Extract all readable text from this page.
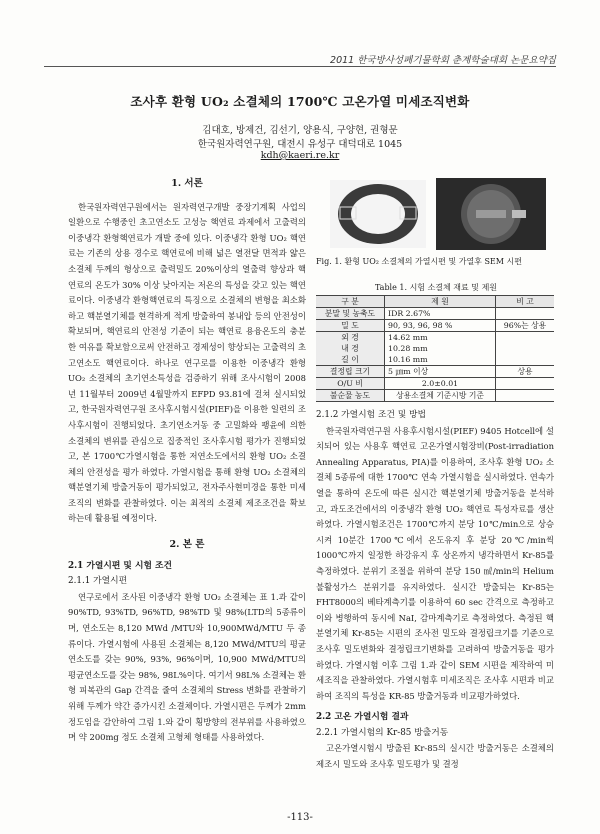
2011 한국방사성폐기물학회 춘계학술대회 논문요약집
조사후 환형 UO₂ 소결체의 1700℃ 고온가열 미세조직변화
김대호, 방제건, 김선기, 양용식, 구양현, 권형문
한국원자력연구원, 대전시 유성구 대덕대로 1045
kdh@kaeri.re.kr
1. 서론

한국원자력연구원에서는 원자력연구개발 중장기계획 사업의 일환으로 수행중인 초고연소도 고성능 핵연료 과제에서 고출력의 이중냉각 환형핵연료가 개발 중에 있다. 이중냉각 환형 UO₂ 핵연료는 기존의 상용 경수로 핵연료에 비해 넓은 열전달 면적과 얇은 소결체 두께의 형상으로 출력밀도 20%이상의 열출력 향상과 핵연료의 온도가 30% 이상 낮아지는 저온의 특성을 갖고 있는 핵연료이다. 이중냉각 환형핵연료의 특징으로 소결체의 변형을 최소화하고 핵분열기체를 현격하게 적게 방출하여 봉내압 등의 안전성이 확보되며, 핵연료의 안전성 기준이 되는 핵연료 용융온도의 충분한 여유를 확보함으로써 안전하고 경제성이 향상되는 고출력의 초고연소도 핵연료이다. 하나로 연구로를 이용한 이중냉각 환형 UO₂ 소결체의 초기연소특성을 검증하기 위해 조사시험이 2008년 11월부터 2009년 4월말까지 EFPD 93.81에 걸쳐 실시되었고, 한국원자력연구원 조사후시험시설(PIEF)을 이용한 일련의 조사후시험이 진행되었다. 초기연소거동 중 고밀화와 팽윤에 의한 소결체의 변위를 관심으로 집중적인 조사후시험 평가가 진행되었고, 본 1700℃가열시험을 통한 저연소도에서의 환형 UO₂ 소결체의 안전성을 평가 하였다. 가열시험을 통해 환형 UO₂ 소결체의 핵분열기체 방출거동이 평가되었고, 전자주사현미경을 통한 미세조직의 변화를 관찰하였다. 이는 최적의 소결체 제조조건을 확보하는데 활용될 예정이다.

2. 본 론
2.1 가열시편 및 시험 조건
2.1.1 가열시편

연구로에서 조사된 이중냉각 환형 UO₂ 소결체는 표 1.과 같이 90%TD, 93%TD, 96%TD, 98%TD 및 98%(LTD의 5종류이며, 연소도는 8,120 MWd /MTU와 10,900MWd/MTU 두 종류이다. 가열시험에 사용된 소결체는 8,120 MWd/MTU의 평균연소도를 갖는 90%, 93%, 96%이며, 10,900 MWd/MTU의 평균연소도를 갖는 98%, 98L%이다. 여기서 98L% 소결체는 환형 피복관의 Gap 간격을 줄여 소결체의 Stress 변화를 관찰하기위해 두께가 약간 증가시킨 소결체이다. 가열시편은 두께가 2mm정도임을 감안하여 그림 1.와 같이 횡방향의 전부위를 사용하였으며 약 200mg 정도 소결체 고형체 형태를 사용하였다.

Fig. 1. 환형 UO₂ 소결체의 가열시편 및 가열후 SEM 시편
Table 1. 시험 소결체 재료 및 제원
구 분	제 원	비 고
분말 및 농축도	IDR 2.67%	
밀 도	90, 93, 96, 98 %	96%는 상용
외 경	14.62 mm	
내 경	10.28 mm	
길 이	10.16 mm	
결정립 크기	5 ㎛m 이상	상용
O/U 비	2.0±0.01	
불순물 농도	상용소결체 기준시방 기준	
2.1.2 가열시험 조건 및 방법

한국원자력연구원 사용후시험시설(PIEF) 9405 Hotcell에 설치되어 있는 사용후 핵연료 고온가열시험장비(Post-irradiation Annealing Apparatus, PIA)를 이용하여, 조사후 환형 UO₂ 소결체 5종류에 대한 1700℃ 연속 가열시험을 실시하였다. 연속가열을 통하여 온도에 따른 실시간 핵분열기체 방출거동을 분석하고, 과도조건에서의 이중냉각 환형 UO₂ 핵연료 특성자료를 생산하였다. 가열시험조건은 1700℃까지 분당 10℃/min으로 상승시켜 10분간 1700℃에서 온도유지 후 분당 20℃/min씩 1000℃까지 일정한 하강유지 후 상온까지 냉각하면서 Kr-85를 측정하였다. 분위기 조절을 위하여 분당 150 ㎖/min의 Helium 불활성가스 분위기를 유지하였다. 실시간 방출되는 Kr-85는 FHT8000의 베타계측기를 이용하여 60 sec 간격으로 측정하고 이와 병행하여 동시에 NaI, 감마계측기로 측정하였다. 측정된 핵분열기체 Kr-85는 시편의 조사전 밀도와 결정립크기를 기준으로 조사후 밀도변화와 결정립크기변화를 고려하여 방출거동을 평가하였다. 가열시험 이후 그림 1.과 같이 SEM 시편을 제작하여 미세조직을 관찰하였다. 가열시험후 미세조직은 조사후 시편과 비교하여 조직의 특성을 KR-85 방출거동과 비교평가하였다.

2.2 고온 가열시험 결과
2.2.1 가열시험의 Kr-85 방출거동

고온가열시험시 방출된 Kr-85의 실시간 방출거동은 소결체의 제조시 밀도와 조사후 밀도평가 및 결정

-113-
